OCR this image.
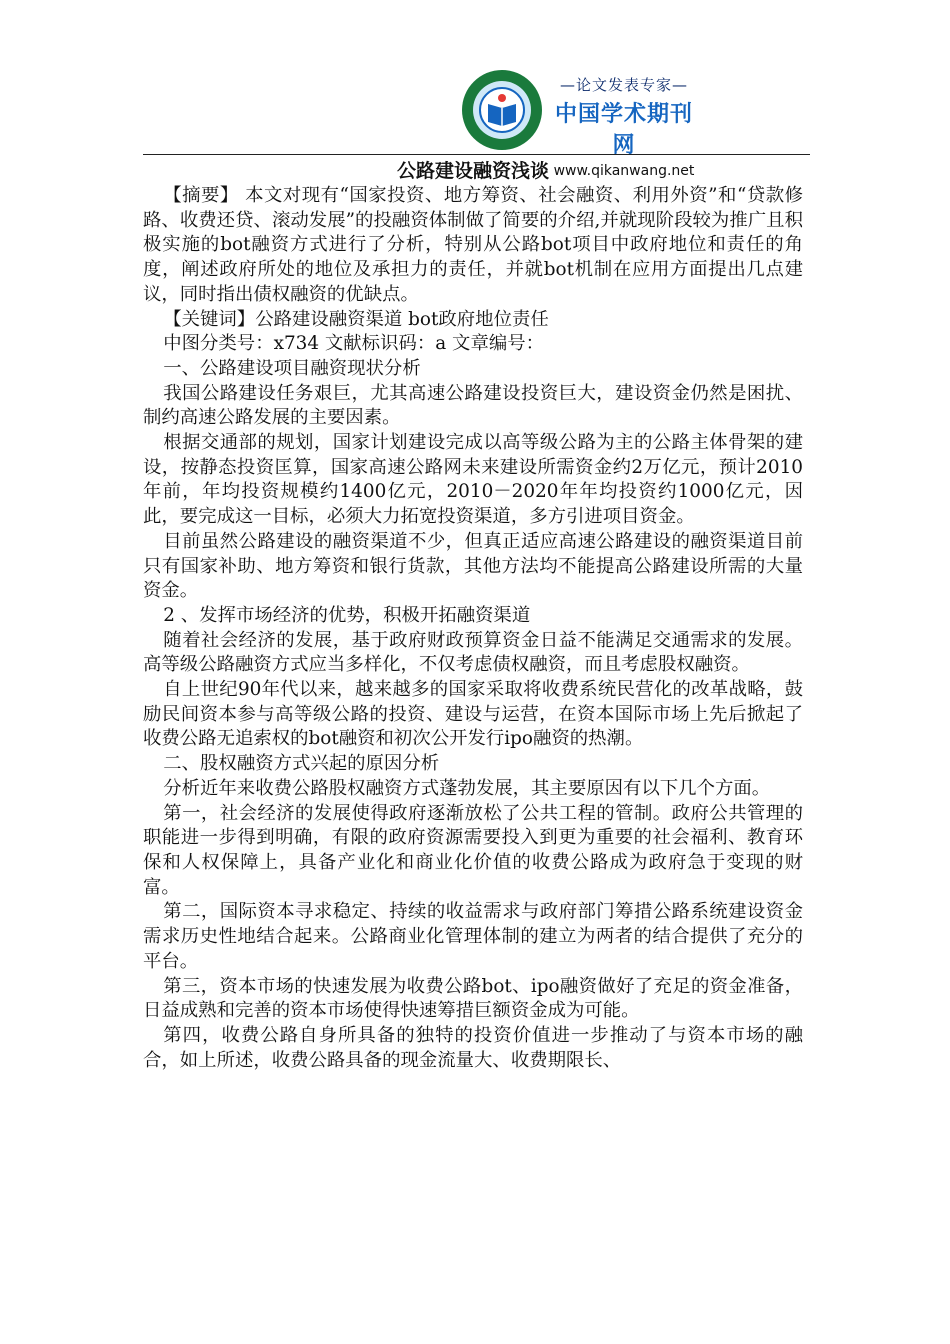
—论文发表专家—
中国学术期刊网
www.qikanwang.net
公路建设融资浅谈

【摘要】 本文对现有“国家投资、地方筹资、社会融资、利用外资”和“贷款修路、收费还贷、滚动发展”的投融资体制做了简要的介绍,并就现阶段较为推广且积极实施的bot融资方式进行了分析，特别从公路bot项目中政府地位和责任的角度，阐述政府所处的地位及承担力的责任，并就bot机制在应用方面提出几点建议，同时指出债权融资的优缺点。

【关键词】公路建设融资渠道 bot政府地位责任

中图分类号：x734 文献标识码：a 文章编号：

一、公路建设项目融资现状分析

我国公路建设任务艰巨，尤其高速公路建设投资巨大，建设资金仍然是困扰、制约高速公路发展的主要因素。

根据交通部的规划，国家计划建设完成以高等级公路为主的公路主体骨架的建设，按静态投资匡算，国家高速公路网未来建设所需资金约2万亿元，预计2010年前，年均投资规模约1400亿元，2010－2020年年均投资约1000亿元，因此，要完成这一目标，必须大力拓宽投资渠道，多方引进项目资金。

目前虽然公路建设的融资渠道不少，但真正适应高速公路建设的融资渠道目前只有国家补助、地方筹资和银行货款，其他方法均不能提高公路建设所需的大量资金。

2 、发挥市场经济的优势，积极开拓融资渠道

随着社会经济的发展，基于政府财政预算资金日益不能满足交通需求的发展。高等级公路融资方式应当多样化，不仅考虑债权融资，而且考虑股权融资。

自上世纪90年代以来，越来越多的国家采取将收费系统民营化的改革战略，鼓励民间资本参与高等级公路的投资、建设与运营，在资本国际市场上先后掀起了收费公路无追索权的bot融资和初次公开发行ipo融资的热潮。

二、股权融资方式兴起的原因分析

分析近年来收费公路股权融资方式蓬勃发展，其主要原因有以下几个方面。

第一，社会经济的发展使得政府逐渐放松了公共工程的管制。政府公共管理的职能进一步得到明确，有限的政府资源需要投入到更为重要的社会福利、教育环保和人权保障上，具备产业化和商业化价值的收费公路成为政府急于变现的财富。

第二，国际资本寻求稳定、持续的收益需求与政府部门筹措公路系统建设资金需求历史性地结合起来。公路商业化管理体制的建立为两者的结合提供了充分的平台。

第三，资本市场的快速发展为收费公路bot、ipo融资做好了充足的资金准备，日益成熟和完善的资本市场使得快速筹措巨额资金成为可能。

第四，收费公路自身所具备的独特的投资价值进一步推动了与资本市场的融合，如上所述，收费公路具备的现金流量大、收费期限长、
